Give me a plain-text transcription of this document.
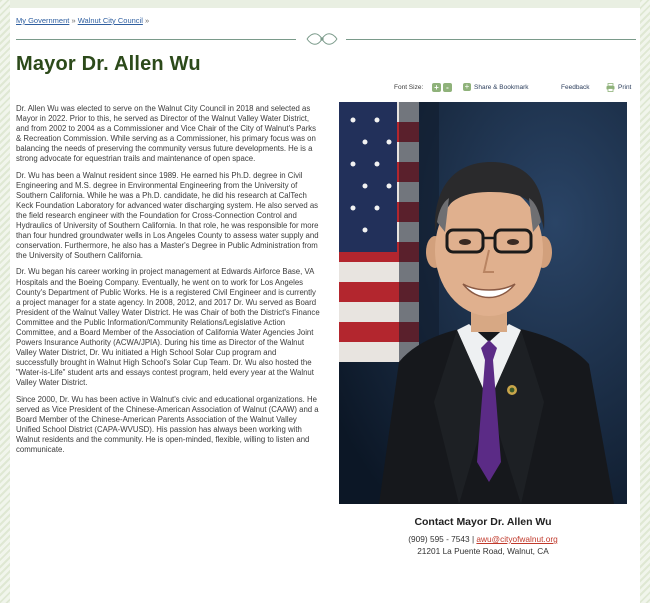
My Government » Walnut City Council »
Mayor Dr. Allen Wu
Font Size: + -	+ Share & Bookmark	Feedback	Print

Dr. Allen Wu was elected to serve on the Walnut City Council in 2018 and selected as Mayor in 2022. Prior to this, he served as Director of the Walnut Valley Water District, and from 2002 to 2004 as a Commissioner and Vice Chair of the City of Walnut's Parks & Recreation Commission. While serving as a Commissioner, his primary focus was on balancing the needs of preserving the community versus future developments. He is a strong advocate for equestrian trails and maintenance of open space.

Dr. Wu has been a Walnut resident since 1989. He earned his Ph.D. degree in Civil Engineering and M.S. degree in Environmental Engineering from the University of Southern California. While he was a Ph.D. candidate, he did his research at CalTech Keck Foundation Laboratory for advanced water discharging system. He also served as the field research engineer with the Foundation for Cross-Connection Control and Hydraulics of University of Southern California. In that role, he was responsible for more than four hundred groundwater wells in Los Angeles County to assess water supply and conservation. Furthermore, he also has a Master's Degree in Public Administration from the University of Southern California.

Dr. Wu began his career working in project management at Edwards Airforce Base, VA Hospitals and the Boeing Company. Eventually, he went on to work for Los Angeles County's Department of Public Works. He is a registered Civil Engineer and is currently a project manager for a state agency. In 2008, 2012, and 2017 Dr. Wu served as Board President of the Walnut Valley Water District. He was Chair of both the District's Finance Committee and the Public Information/Community Relations/Legislative Action Committee, and a Board Member of the Association of California Water Agencies Joint Powers Insurance Authority (ACWA/JPIA). During his time as Director of the Walnut Valley Water District, Dr. Wu initiated a High School Solar Cup program and successfully brought in Walnut High School's Solar Cup Team. Dr. Wu also hosted the "Water-is-Life" student arts and essays contest program, held every year at the Walnut Valley Water District.

Since 2000, Dr. Wu has been active in Walnut's civic and educational organizations. He served as Vice President of the Chinese-American Association of Walnut (CAAW) and a Board Member of the Chinese-American Parents Association of the Walnut Valley Unified School District (CAPA-WVUSD). His passion has always been working with Walnut residents and the community. He is open-minded, flexible, willing to listen and communicate.

Contact Mayor Dr. Allen Wu
(909) 595 - 7543 | awu@cityofwalnut.org
21201 La Puente Road, Walnut, CA
